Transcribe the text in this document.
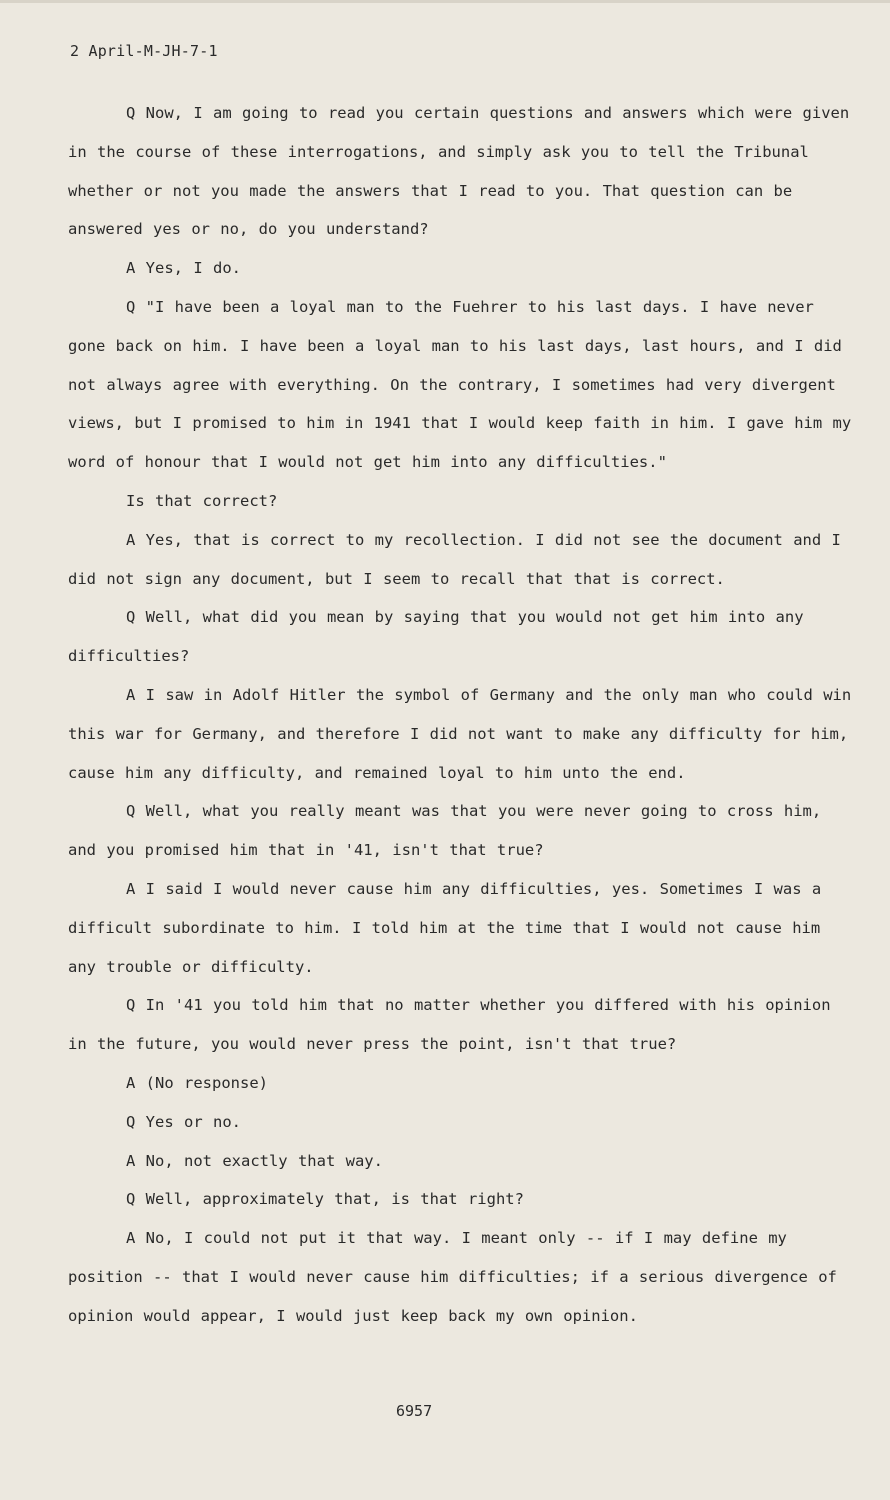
2 April-M-JH-7-1

Q Now, I am going to read you certain questions and answers which were given in the course of these interrogations, and simply ask you to tell the Tribunal whether or not you made the answers that I read to you. That question can be answered yes or no, do you understand?

A Yes, I do.

Q "I have been a loyal man to the Fuehrer to his last days. I have never gone back on him. I have been a loyal man to his last days, last hours, and I did not always agree with everything. On the contrary, I sometimes had very divergent views, but I promised to him in 1941 that I would keep faith in him. I gave him my word of honour that I would not get him into any difficulties."

Is that correct?

A Yes, that is correct to my recollection. I did not see the document and I did not sign any document, but I seem to recall that that is correct.

Q Well, what did you mean by saying that you would not get him into any difficulties?

A I saw in Adolf Hitler the symbol of Germany and the only man who could win this war for Germany, and therefore I did not want to make any difficulty for him, cause him any difficulty, and remained loyal to him unto the end.

Q Well, what you really meant was that you were never going to cross him, and you promised him that in '41, isn't that true?

A I said I would never cause him any difficulties, yes. Sometimes I was a difficult subordinate to him. I told him at the time that I would not cause him any trouble or difficulty.

Q In '41 you told him that no matter whether you differed with his opinion in the future, you would never press the point, isn't that true?

A (No response)

Q Yes or no.

A No, not exactly that way.

Q Well, approximately that, is that right?

A No, I could not put it that way. I meant only -- if I may define my position -- that I would never cause him difficulties; if a serious divergence of opinion would appear, I would just keep back my own opinion.

6957
